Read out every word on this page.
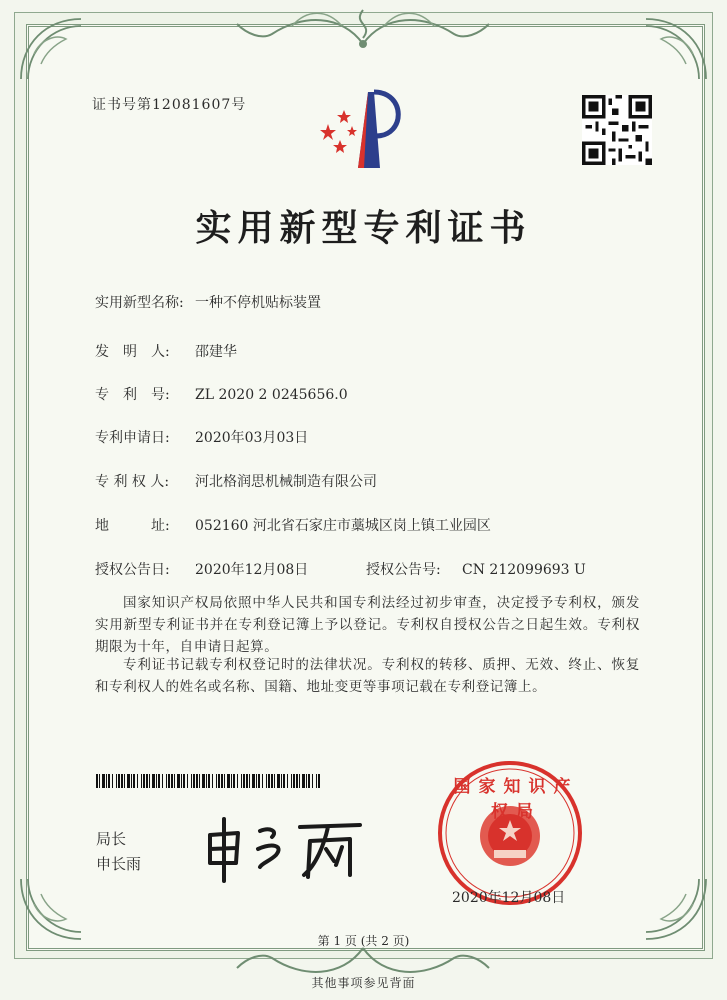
证书号第12081607号
实用新型专利证书
实用新型名称: 一种不停机贴标装置
发　明　人: 邵建华
专　利　号: ZL 2020 2 0245656.0
专利申请日: 2020年03月03日
专 利 权 人: 河北格润思机械制造有限公司
地　　　址: 052160 河北省石家庄市藁城区岗上镇工业园区
授权公告日: 2020年12月08日	授权公告号: CN 212099693 U
国家知识产权局依照中华人民共和国专利法经过初步审查，决定授予专利权，颁发实用新型专利证书并在专利登记簿上予以登记。专利权自授权公告之日起生效。专利权期限为十年，自申请日起算。
专利证书记载专利权登记时的法律状况。专利权的转移、质押、无效、终止、恢复和专利权人的姓名或名称、国籍、地址变更等事项记载在专利登记簿上。
局长
申长雨
2020年12月08日
国家知识产权局
第 1 页 (共 2 页)
其他事项参见背面
